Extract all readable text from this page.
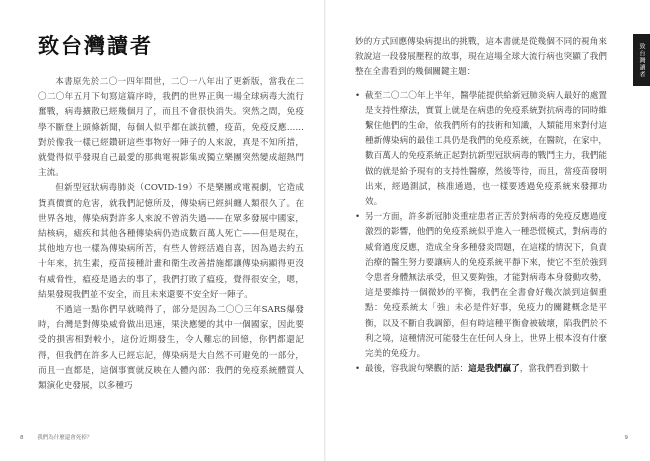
致台灣讀者

本書原先於二〇一四年問世，二〇一八年出了更新版，當我在二〇二〇年五月下旬寫這篇序時，我們的世界正與一場全球病毒大流行奮戰，病毒擴散已經幾個月了，而且不會很快消失。突然之間，免疫學不斷登上頭條新聞，每個人似乎都在談抗體，疫苗，免疫反應……對於像我一樣已經鑽研這些事物好一陣子的人來說，真是不知所措，就覺得似乎發現自己最愛的那典電視影集或獨立樂團突然變成超熱門主流。

但新型冠狀病毒肺炎（COVID-19）不是樂團或電視劇，它造成貨真價實的危害，就我們記憶所及，傳染病已經糾纏人類很久了。在世界各地，傳染病對許多人來說不曾消失過——在眾多發展中國家，結核病，瘧疾和其他各種傳染病仍造成數百萬人死亡——但是現在，其他地方也一樣為傳染病所苦，有些人曾經活過自喜，因為過去約五十年來，抗生素，疫苗接種計畫和衛生改善措施都讓傳染病顯得更沒有威脅性，瘟疫是過去的事了，我們打敗了瘟疫，覺得很安全，嗯，結果發現我們並不安全，而且未來還要不安全好一陣子。

不過這一點你們早就曉得了，部分是因為二〇〇三年SARS爆發時，台灣是對傳染威脅做出迅速，果決應變的其中一個國家，因此要受的損害相對較小，這份近期發生，令人難忘的回憶，你們都還記得，但我們在許多人已經忘記，傳染病是大自然不可避免的一部分，而且一直都是，這個事實就反映在人體內部：我們的免疫系統體質人類演化史發展，以多種巧

8	我們為什麼還會死掉？

妙的方式回應傳染病提出的挑戰，這本書就是從幾個不同的視角來敘說這一段發展壓程的故事，現在這場全球大流行病也突顯了我們整在全書看到的幾個關鍵主題：

• 截至二〇二〇年上半年，醫學能提供給新冠肺炎病人最好的處置是支持性療法，實質上就是在病患的免疫系統對抗病毒的同時維繫住他們的生命，依我們所有的技術和知識，人類能用來對付這種新傳染病的最佳工具仍是我們的免疫系統，在醫院，在家中，數百萬人的免疫系統正起對抗新型冠狀病毒的戰鬥主力，我們能做的就是給予現有的支持性醫療，然後等待，而且，當疫苗發明出來，經過測試，核准通過，也一樣要透過免疫系統來發揮功效。
• 另一方面，許多新冠肺炎重症患者正苦於對病毒的免疫反應過度激烈的影響，他們的免疫系統似乎進入一種恐慌模式，對病毒的威脅過度反應，造成全身多種發炎問題，在這樣的情況下，負責治療的醫生努力要讓病人的免疫系統平靜下來，使它不至於強到令患者身體無法承受，但又要夠強，才能對病毒本身發動攻勢，這是要維持一個微妙的平衡，我們在全書會好幾次談到這個重點：免疫系統太「強」未必是件好事，免疫力的關鍵概念是平衡，以及不斷自我調節，但有時這種平衡會被破壞，陷我們於不利之境，這種情況可能發生在任何人身上，世界上根本沒有什麼完美的免疫力。
• 最後，容我說句樂觀的話：這是我們贏了，當我們看到數十
致台灣讀者
9
